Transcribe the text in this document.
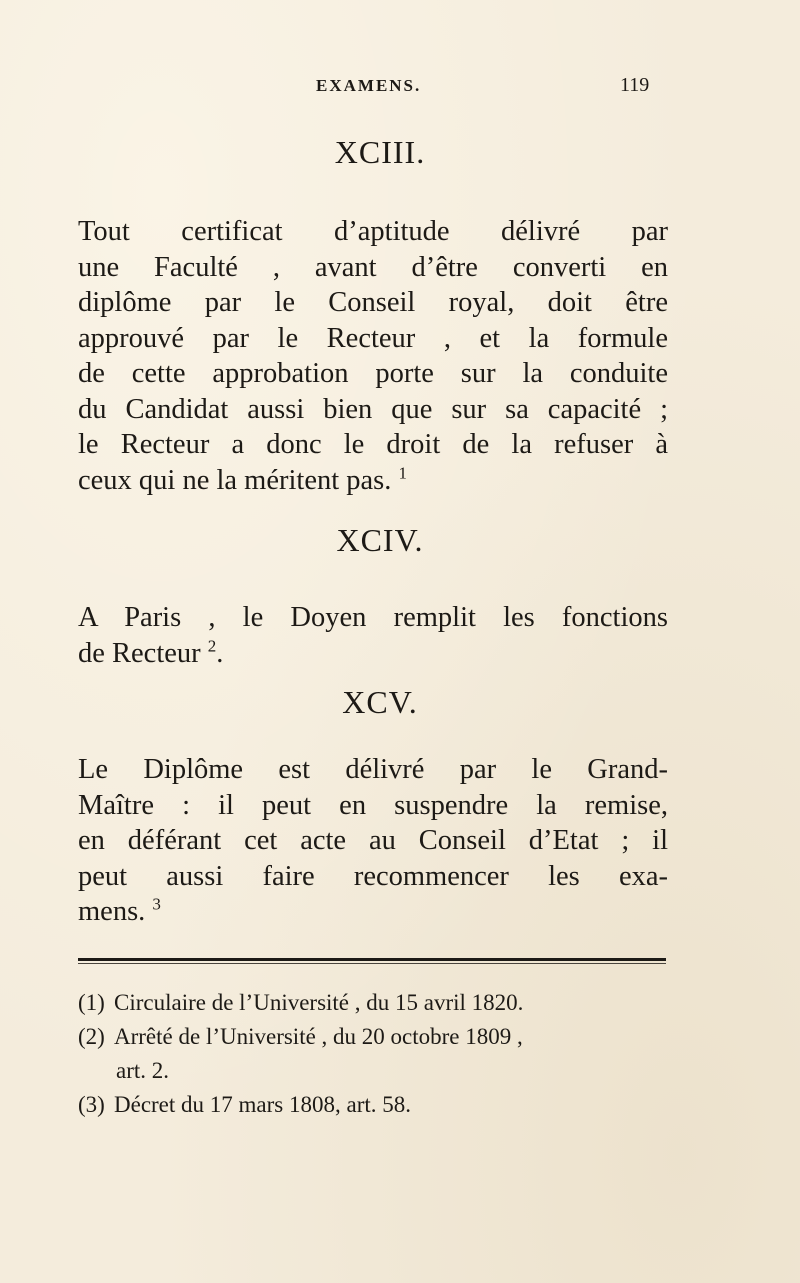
EXAMENS.	119
XCIII.
Tout certificat d’aptitude délivré par
une Faculté , avant d’être converti en
diplôme par le Conseil royal, doit être
approuvé par le Recteur , et la formule
de cette approbation porte sur la conduite
du Candidat aussi bien que sur sa capacité ;
le Recteur a donc le droit de la refuser à
ceux qui ne la méritent pas. $^1$
XCIV.
A Paris , le Doyen remplit les fonctions
de Recteur $^2$.
XCV.
Le Diplôme est délivré par le Grand-
Maître : il peut en suspendre la remise,
en déférant cet acte au Conseil d’Etat ; il
peut aussi faire recommencer les exa-
mens. $^3$
(1) Circulaire de l’Université , du 15 avril 1820.
(2) Arrêté de l’Université , du 20 octobre 1809 ,
art. 2.
(3) Décret du 17 mars 1808, art. 58.
